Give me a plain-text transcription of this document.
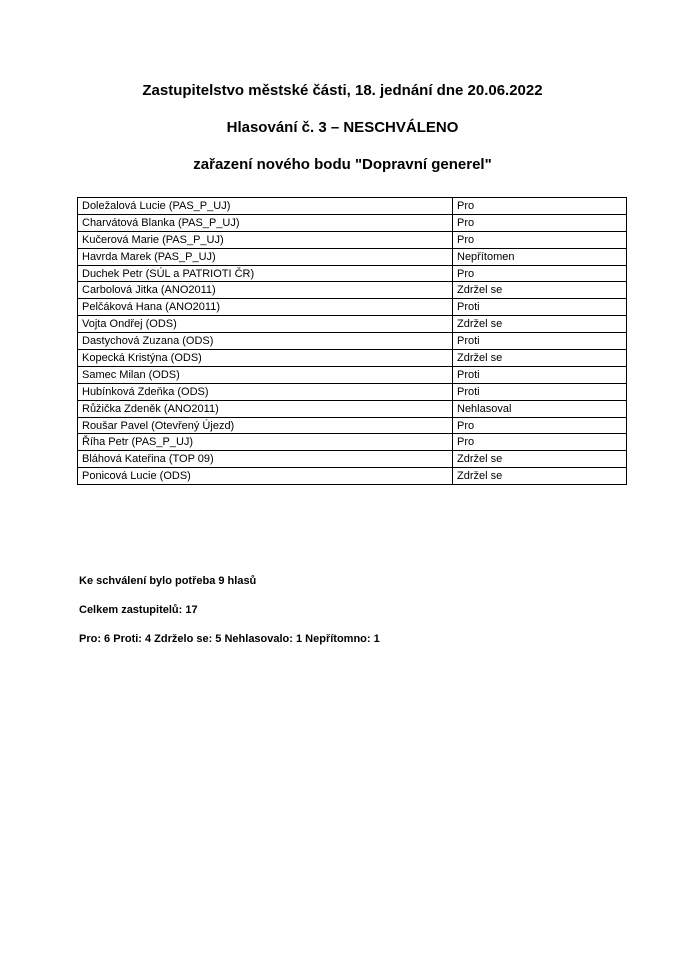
Zastupitelstvo městské části, 18. jednání dne 20.06.2022
Hlasování č. 3 – NESCHVÁLENO
zařazení nového bodu "Dopravní generel"
Doležalová Lucie (PAS_P_UJ)	Pro
Charvátová Blanka (PAS_P_UJ)	Pro
Kučerová Marie (PAS_P_UJ)	Pro
Havrda Marek (PAS_P_UJ)	Nepřítomen
Duchek Petr (SÚL a PATRIOTI ČR)	Pro
Carbolová Jitka (ANO2011)	Zdržel se
Pelčáková Hana (ANO2011)	Proti
Vojta Ondřej (ODS)	Zdržel se
Dastychová Zuzana (ODS)	Proti
Kopecká Kristýna (ODS)	Zdržel se
Samec Milan (ODS)	Proti
Hubínková Zdeňka (ODS)	Proti
Růžička Zdeněk (ANO2011)	Nehlasoval
Roušar Pavel (Otevřený Újezd)	Pro
Říha Petr (PAS_P_UJ)	Pro
Bláhová Kateřina (TOP 09)	Zdržel se
Ponicová Lucie (ODS)	Zdržel se
Ke schválení bylo potřeba 9 hlasů
Celkem zastupitelů: 17
Pro: 6 Proti: 4 Zdrželo se: 5 Nehlasovalo: 1 Nepřítomno: 1
